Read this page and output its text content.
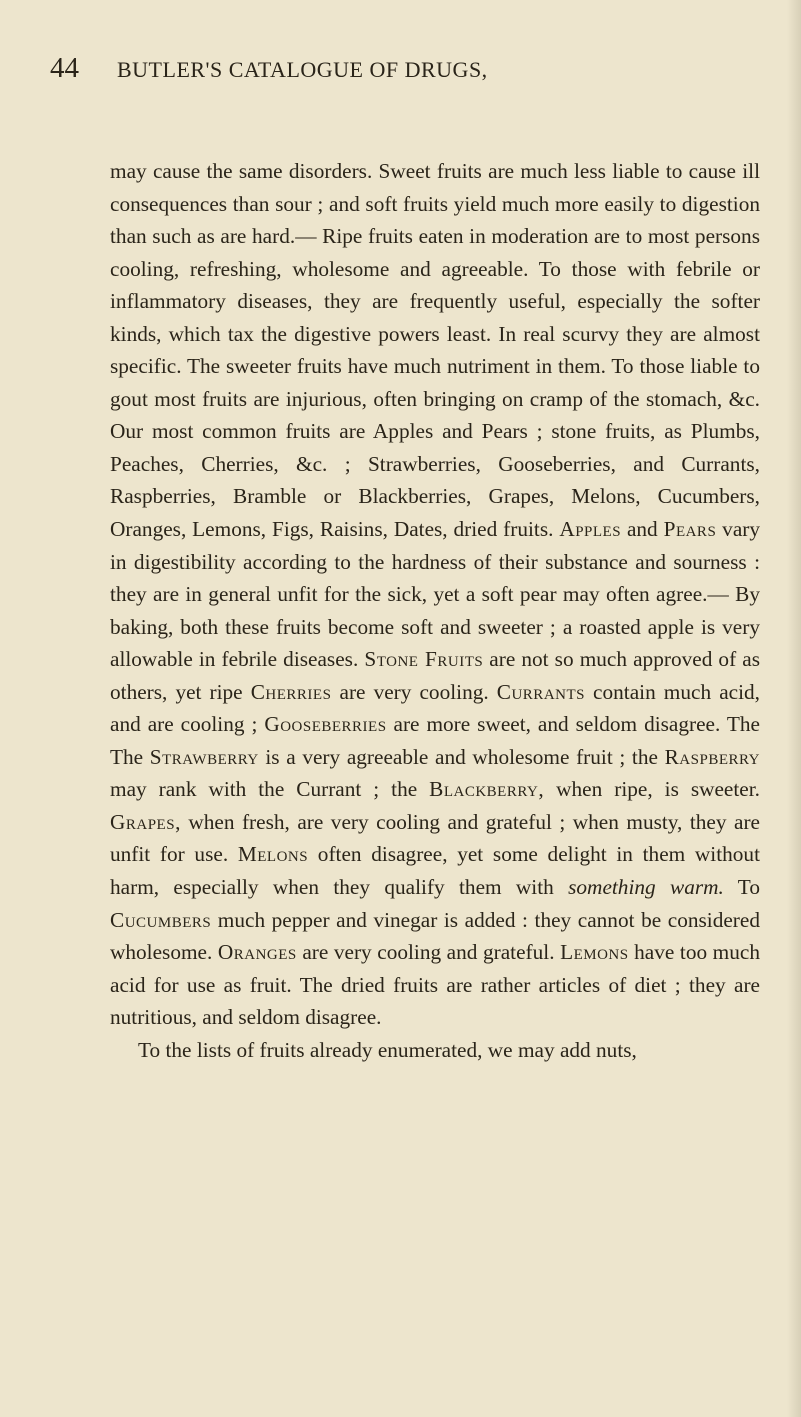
44 BUTLER'S CATALOGUE OF DRUGS,

may cause the same disorders. Sweet fruits are much less liable to cause ill consequences than sour ; and soft fruits yield much more easily to digestion than such as are hard.— Ripe fruits eaten in moderation are to most persons cooling, refreshing, wholesome and agreeable. To those with febrile or inflammatory diseases, they are frequently useful, especially the softer kinds, which tax the digestive powers least. In real scurvy they are almost specific. The sweeter fruits have much nutriment in them. To those liable to gout most fruits are injurious, often bringing on cramp of the stomach, &c. Our most common fruits are Apples and Pears ; stone fruits, as Plumbs, Peaches, Cherries, &c. ; Strawberries, Gooseberries, and Currants, Raspberries, Bramble or Blackberries, Grapes, Melons, Cucumbers, Oranges, Lemons, Figs, Raisins, Dates, dried fruits. Apples and Pears vary in digestibility according to the hardness of their substance and sourness : they are in general unfit for the sick, yet a soft pear may often agree.— By baking, both these fruits become soft and sweeter ; a roasted apple is very allowable in febrile diseases. Stone Fruits are not so much approved of as others, yet ripe Cherries are very cooling. Currants contain much acid, and are cooling ; Gooseberries are more sweet, and seldom disagree. The The Strawberry is a very agreeable and wholesome fruit ; the Raspberry may rank with the Currant ; the Blackberry, when ripe, is sweeter. Grapes, when fresh, are very cooling and grateful ; when musty, they are unfit for use. Melons often disagree, yet some delight in them without harm, especially when they qualify them with something warm. To Cucumbers much pepper and vinegar is added : they cannot be considered wholesome. Oranges are very cooling and grateful. Lemons have too much acid for use as fruit. The dried fruits are rather articles of diet ; they are nutritious, and seldom disagree.

To the lists of fruits already enumerated, we may add nuts,
